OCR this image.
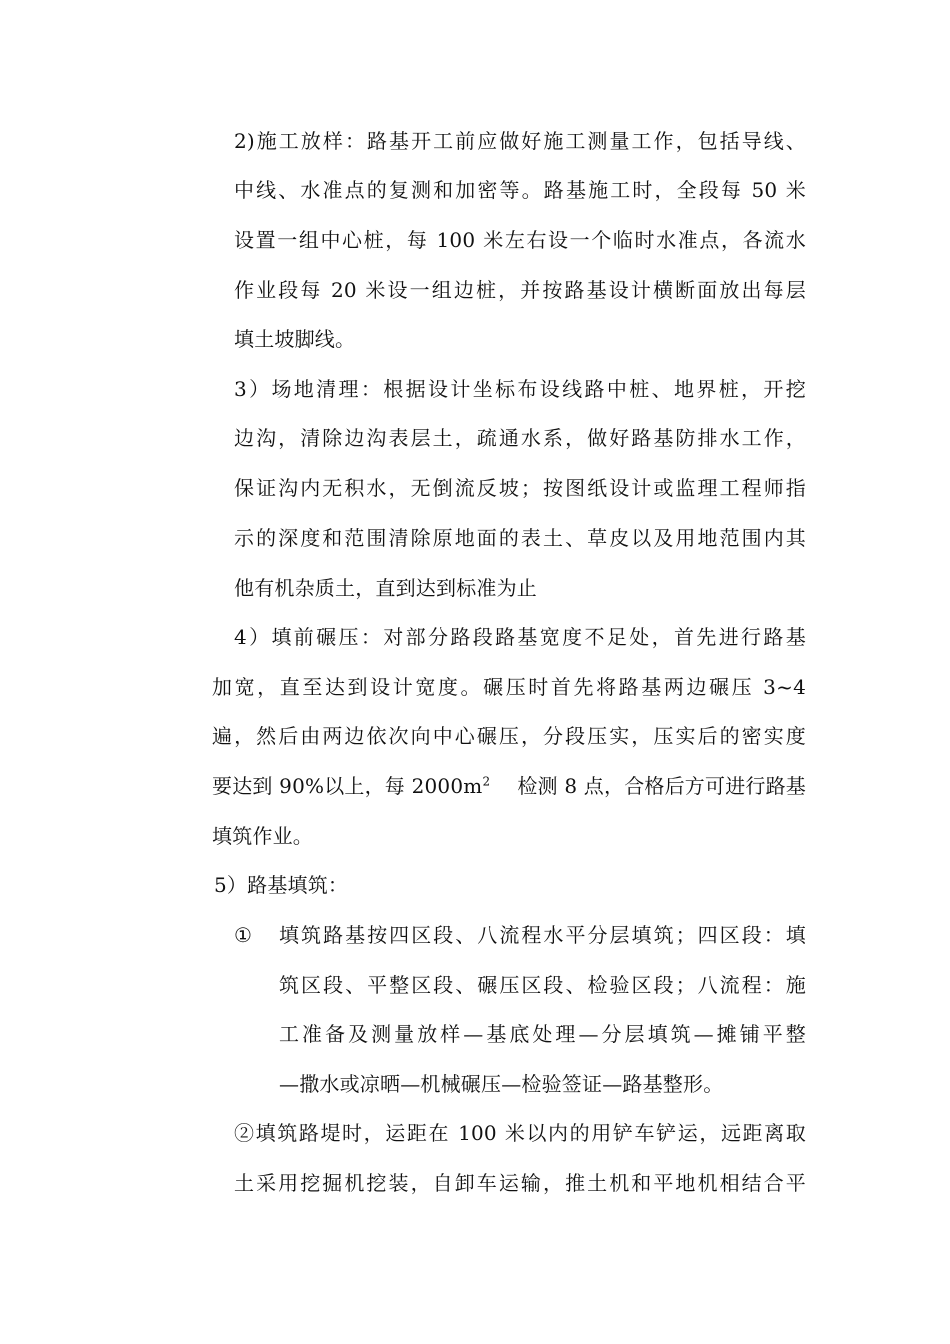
2)施工放样：路基开工前应做好施工测量工作，包括导线、
中线、水准点的复测和加密等。路基施工时，全段每 50 米
设置一组中心桩，每 100 米左右设一个临时水准点，各流水
作业段每 20 米设一组边桩，并按路基设计横断面放出每层
填土坡脚线。
3）场地清理：根据设计坐标布设线路中桩、地界桩，开挖
边沟，清除边沟表层土，疏通水系，做好路基防排水工作，
保证沟内无积水，无倒流反坡；按图纸设计或监理工程师指
示的深度和范围清除原地面的表土、草皮以及用地范围内其
他有机杂质土，直到达到标准为止
4）填前碾压：对部分路段路基宽度不足处，首先进行路基
加宽，直至达到设计宽度。碾压时首先将路基两边碾压 3~4
遍，然后由两边依次向中心碾压，分段压实，压实后的密实度
要达到 90%以上，每 $2000m^2$ 检测 8 点，合格后方可进行路基
填筑作业。
5）路基填筑：
① 填筑路基按四区段、八流程水平分层填筑；四区段：填
筑区段、平整区段、碾压区段、检验区段；八流程：施
工准备及测量放样—基底处理—分层填筑—摊铺平整
—撒水或凉晒—机械碾压—检验签证—路基整形。
②填筑路堤时，运距在 100 米以内的用铲车铲运，远距离取
土采用挖掘机挖装，自卸车运输，推土机和平地机相结合平
